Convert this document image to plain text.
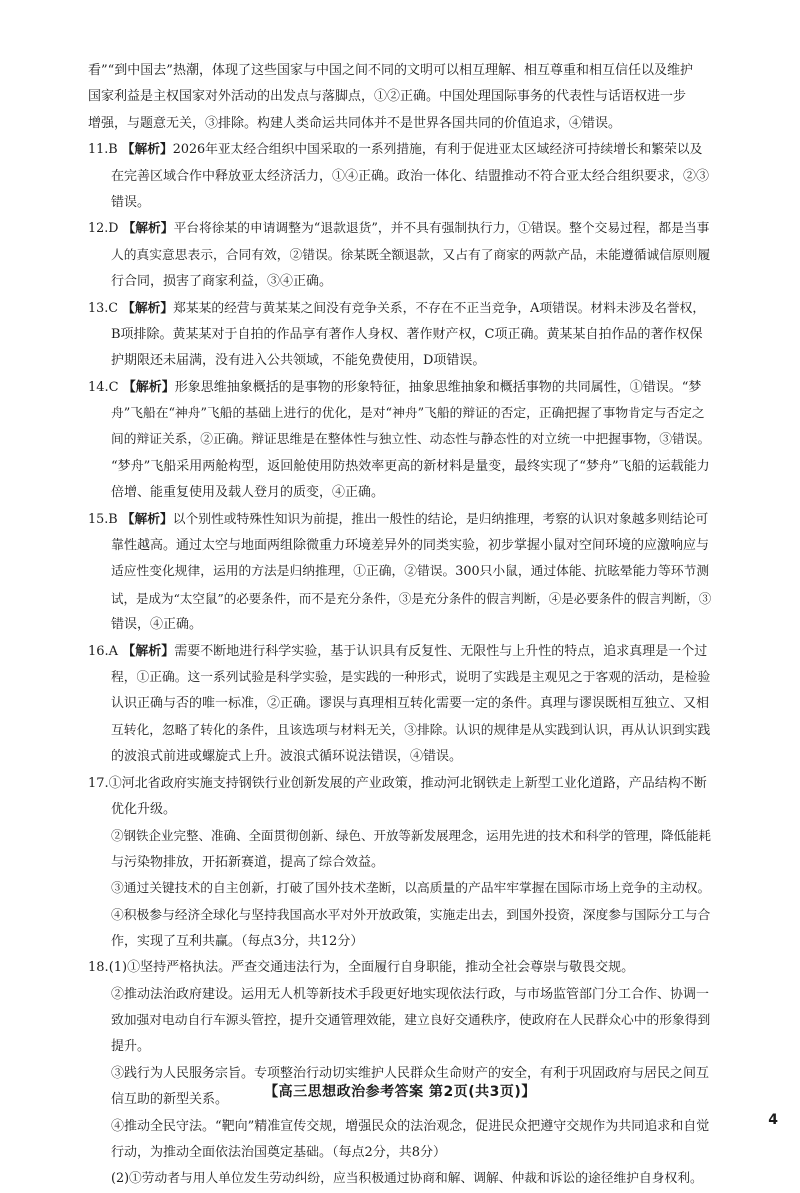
看”“到中国去”热潮，体现了这些国家与中国之间不同的文明可以相互理解、相互尊重和相互信任以及维护
国家利益是主权国家对外活动的出发点与落脚点，①②正确。中国处理国际事务的代表性与话语权进一步
增强，与题意无关，③排除。构建人类命运共同体并不是世界各国共同的价值追求，④错误。
11.B 【解析】2026年亚太经合组织中国采取的一系列措施，有利于促进亚太区域经济可持续增长和繁荣以及
在完善区域合作中释放亚太经济活力，①④正确。政治一体化、结盟推动不符合亚太经合组织要求，②③
错误。
12.D 【解析】平台将徐某的申请调整为“退款退货”，并不具有强制执行力，①错误。整个交易过程，都是当事
人的真实意思表示，合同有效，②错误。徐某既全额退款，又占有了商家的两款产品，未能遵循诚信原则履
行合同，损害了商家利益，③④正确。
13.C 【解析】郑某某的经营与黄某某之间没有竞争关系，不存在不正当竞争，A项错误。材料未涉及名誉权，
B项排除。黄某某对于自拍的作品享有著作人身权、著作财产权，C项正确。黄某某自拍作品的著作权保
护期限还未届满，没有进入公共领域，不能免费使用，D项错误。
14.C 【解析】形象思维抽象概括的是事物的形象特征，抽象思维抽象和概括事物的共同属性，①错误。“梦
舟”飞船在“神舟”飞船的基础上进行的优化，是对“神舟”飞船的辩证的否定，正确把握了事物肯定与否定之
间的辩证关系，②正确。辩证思维是在整体性与独立性、动态性与静态性的对立统一中把握事物，③错误。
“梦舟”飞船采用两舱构型，返回舱使用防热效率更高的新材料是量变，最终实现了“梦舟”飞船的运载能力
倍增、能重复使用及载人登月的质变，④正确。
15.B 【解析】以个别性或特殊性知识为前提，推出一般性的结论，是归纳推理，考察的认识对象越多则结论可
靠性越高。通过太空与地面两组除微重力环境差异外的同类实验，初步掌握小鼠对空间环境的应激响应与
适应性变化规律，运用的方法是归纳推理，①正确，②错误。300只小鼠，通过体能、抗眩晕能力等环节测
试，是成为“太空鼠”的必要条件，而不是充分条件，③是充分条件的假言判断，④是必要条件的假言判断，③
错误，④正确。
16.A 【解析】需要不断地进行科学实验，基于认识具有反复性、无限性与上升性的特点，追求真理是一个过
程，①正确。这一系列试验是科学实验，是实践的一种形式，说明了实践是主观见之于客观的活动，是检验
认识正确与否的唯一标准，②正确。谬误与真理相互转化需要一定的条件。真理与谬误既相互独立、又相
互转化，忽略了转化的条件，且该选项与材料无关，③排除。认识的规律是从实践到认识，再从认识到实践
的波浪式前进或螺旋式上升。波浪式循环说法错误，④错误。
17.①河北省政府实施支持钢铁行业创新发展的产业政策，推动河北钢铁走上新型工业化道路，产品结构不断
优化升级。
②钢铁企业完整、准确、全面贯彻创新、绿色、开放等新发展理念，运用先进的技术和科学的管理，降低能耗
与污染物排放，开拓新赛道，提高了综合效益。
③通过关键技术的自主创新，打破了国外技术垄断，以高质量的产品牢牢掌握在国际市场上竞争的主动权。
④积极参与经济全球化与坚持我国高水平对外开放政策，实施走出去，到国外投资，深度参与国际分工与合
作，实现了互利共赢。（每点3分，共12分）
18.(1)①坚持严格执法。严查交通违法行为，全面履行自身职能，推动全社会尊崇与敬畏交规。
②推动法治政府建设。运用无人机等新技术手段更好地实现依法行政，与市场监管部门分工合作、协调一
致加强对电动自行车源头管控，提升交通管理效能，建立良好交通秩序，使政府在人民群众心中的形象得到
提升。
③践行为人民服务宗旨。专项整治行动切实维护人民群众生命财产的安全，有利于巩固政府与居民之间互
信互助的新型关系。
④推动全民守法。“靶向”精准宣传交规，增强民众的法治观念，促进民众把遵守交规作为共同追求和自觉
行动，为推动全面依法治国奠定基础。（每点2分，共8分）
(2)①劳动者与用人单位发生劳动纠纷，应当积极通过协商和解、调解、仲裁和诉讼的途径维护自身权利。
【高三思想政治参考答案 第2页(共3页)】
4
